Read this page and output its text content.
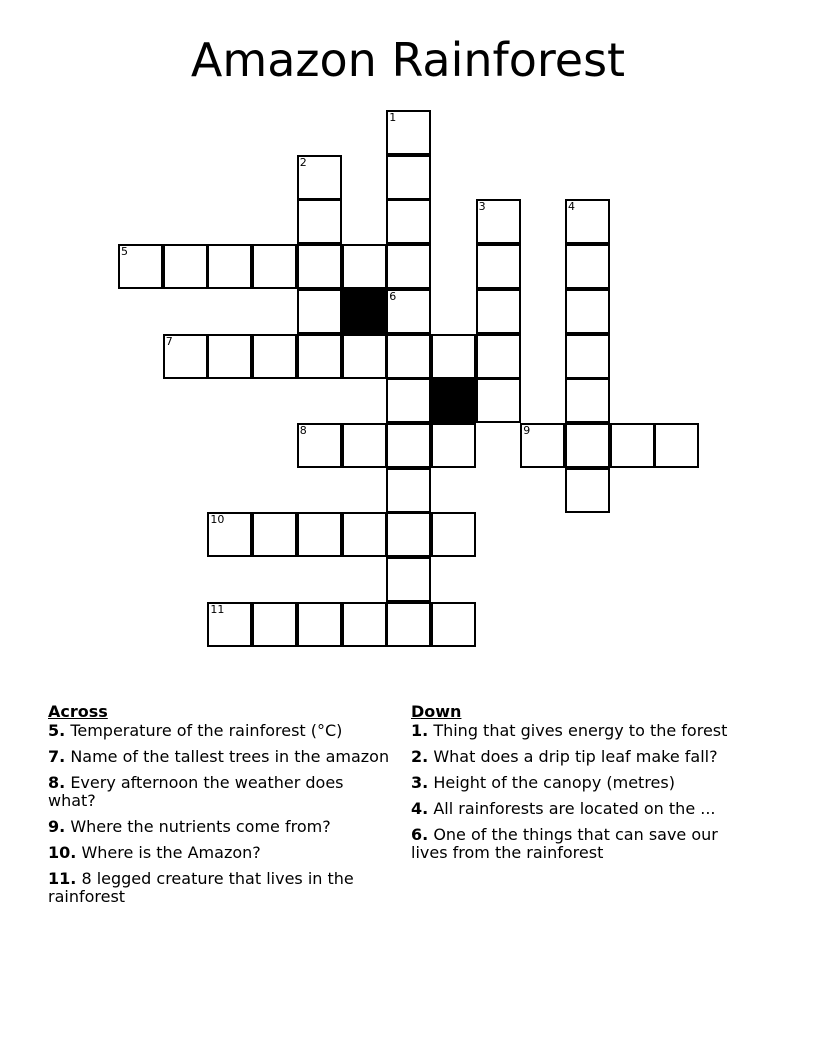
Amazon Rainforest
1
2
3	4
5
6
7
8	9
10
11
Across
5. Temperature of the rainforest (°C)
7. Name of the tallest trees in the amazon
8. Every afternoon the weather does what?
9. Where the nutrients come from?
10. Where is the Amazon?
11. 8 legged creature that lives in the rainforest
Down
1. Thing that gives energy to the forest
2. What does a drip tip leaf make fall?
3. Height of the canopy (metres)
4. All rainforests are located on the ...
6. One of the things that can save our lives from the rainforest
